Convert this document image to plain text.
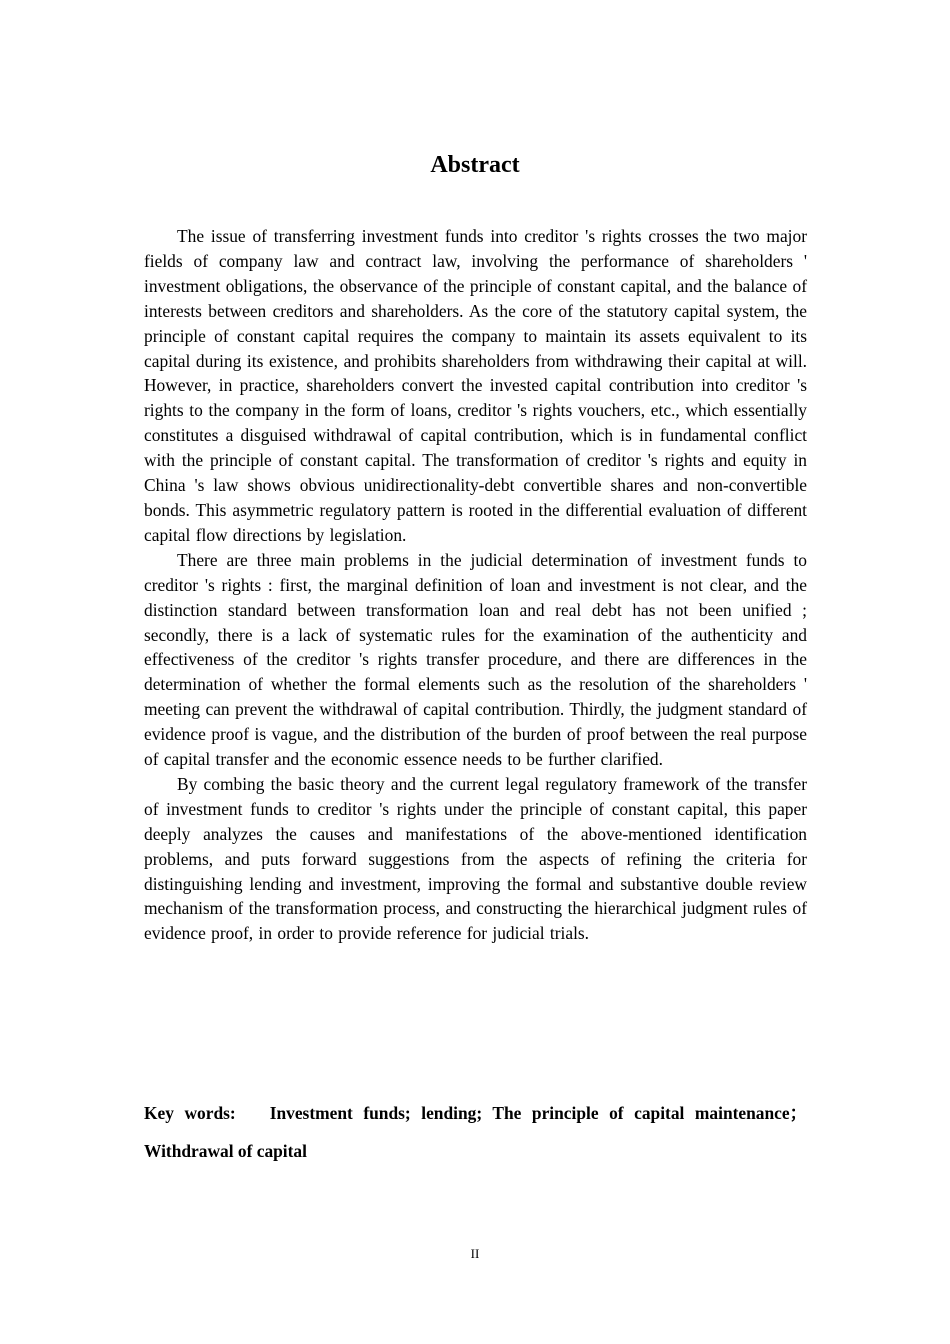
Abstract

The issue of transferring investment funds into creditor 's rights crosses the two major fields of company law and contract law, involving the performance of shareholders ' investment obligations, the observance of the principle of constant capital, and the balance of interests between creditors and shareholders. As the core of the statutory capital system, the principle of constant capital requires the company to maintain its assets equivalent to its capital during its existence, and prohibits shareholders from withdrawing their capital at will. However, in practice, shareholders convert the invested capital contribution into creditor 's rights to the company in the form of loans, creditor 's rights vouchers, etc., which essentially constitutes a disguised withdrawal of capital contribution, which is in fundamental conflict with the principle of constant capital. The transformation of creditor 's rights and equity in China 's law shows obvious unidirectionality-debt convertible shares and non-convertible bonds. This asymmetric regulatory pattern is rooted in the differential evaluation of different capital flow directions by legislation.

There are three main problems in the judicial determination of investment funds to creditor 's rights : first, the marginal definition of loan and investment is not clear, and the distinction standard between transformation loan and real debt has not been unified ; secondly, there is a lack of systematic rules for the examination of the authenticity and effectiveness of the creditor 's rights transfer procedure, and there are differences in the determination of whether the formal elements such as the resolution of the shareholders ' meeting can prevent the withdrawal of capital contribution. Thirdly, the judgment standard of evidence proof is vague, and the distribution of the burden of proof between the real purpose of capital transfer and the economic essence needs to be further clarified.

By combing the basic theory and the current legal regulatory framework of the transfer of investment funds to creditor 's rights under the principle of constant capital, this paper deeply analyzes the causes and manifestations of the above-mentioned identification problems, and puts forward suggestions from the aspects of refining the criteria for distinguishing lending and investment, improving the formal and substantive double review mechanism of the transformation process, and constructing the hierarchical judgment rules of evidence proof, in order to provide reference for judicial trials.

Key words: Investment funds; lending; The principle of capital maintenance；Withdrawal of capital

II
